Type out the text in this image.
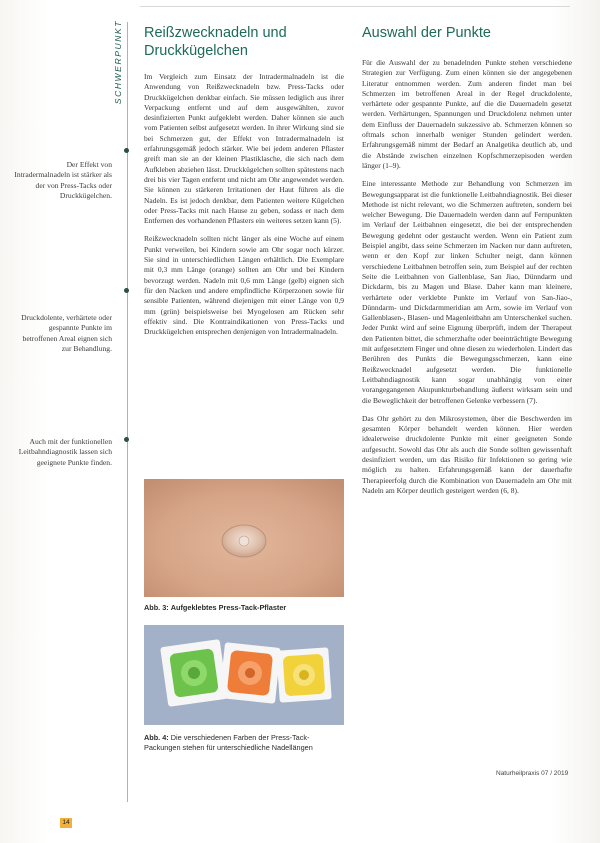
Der Effekt von Intradermalnadeln ist stärker als der von Press-Tacks oder Druckkügelchen.
Druckdolente, verhärtete oder gespannte Punkte im betroffenen Areal eignen sich zur Behandlung.
Auch mit der funktionellen Leitbahndiagnostik lassen sich geeignete Punkte finden.
SCHWERPUNKT Reißzwecknadeln und Druckkügelchen

Im Vergleich zum Einsatz der Intradermalnadeln ist die Anwendung von Reißzwecknadeln bzw. Press-Tacks oder Druckkügelchen denkbar einfach. Sie müssen lediglich aus ihrer Verpackung entfernt und auf dem ausgewählten, zuvor desinfizierten Punkt aufgeklebt werden. Daher können sie auch vom Patienten selbst aufgesetzt werden. In ihrer Wirkung sind sie bei Schmerzen gut, der Effekt von Intradermalnadeln ist erfahrungsgemäß jedoch stärker. Wie bei jedem anderen Pflaster greift man sie an der kleinen Plastiklasche, die sich nach dem Aufkleben abziehen lässt. Druckkügelchen sollten spätestens nach drei bis vier Tagen entfernt und nicht am Ohr angewendet werden. Sie können zu stärkeren Irritationen der Haut führen als die Nadeln. Es ist jedoch denkbar, dem Patienten weitere Kügelchen oder Press-Tacks mit nach Hause zu geben, sodass er nach dem Entfernen des vorhandenen Pflasters ein weiteres setzen kann (5).

Reißzwecknadeln sollten nicht länger als eine Woche auf einem Punkt verweilen, bei Kindern sowie am Ohr sogar noch kürzer. Sie sind in unterschiedlichen Längen erhältlich. Die Exemplare mit 0,3 mm Länge (orange) sollten am Ohr und bei Kindern bevorzugt werden. Nadeln mit 0,6 mm Länge (gelb) eignen sich für den Nacken und andere empfindliche Körperzonen sowie für sensible Patienten, während diejenigen mit einer Länge von 0,9 mm (grün) beispielsweise bei Myogelosen am Rücken sehr effektiv sind. Die Kontraindikationen von Press-Tacks und Druckkügelchen entsprechen denjenigen von Intradermalnadeln.

Abb. 3: Aufgeklebtes Press-Tack-Pflaster
Abb. 4: Die verschiedenen Farben der Press-Tack-Packungen stehen für unterschiedliche Nadellängen
Auswahl der Punkte

Für die Auswahl der zu benadelnden Punkte stehen verschiedene Strategien zur Verfügung. Zum einen können sie der angegebenen Literatur entnommen werden. Zum anderen findet man bei Schmerzen im betroffenen Areal in der Regel druckdolente, verhärtete oder gespannte Punkte, auf die die Dauernadeln gesetzt werden. Verhärtungen, Spannungen und Druckdolenz nehmen unter dem Einfluss der Dauernadeln sukzessive ab. Schmerzen können so oftmals schon innerhalb weniger Stunden gelindert werden. Erfahrungsgemäß nimmt der Bedarf an Analgetika deutlich ab, und die Abstände zwischen einzelnen Kopfschmerzepisoden werden länger (1–9).

Eine interessante Methode zur Behandlung von Schmerzen im Bewegungsapparat ist die funktionelle Leitbahndiagnostik. Bei dieser Methode ist nicht relevant, wo die Schmerzen auftreten, sondern bei welcher Bewegung. Die Dauernadeln werden dann auf Fernpunkten im Verlauf der Leitbahnen eingesetzt, die bei der entsprechenden Bewegung gedehnt oder gestaucht werden. Wenn ein Patient zum Beispiel angibt, dass seine Schmerzen im Nacken nur dann auftreten, wenn er den Kopf zur linken Schulter neigt, dann können verschiedene Leitbahnen betroffen sein, zum Beispiel auf der rechten Seite die Leitbahnen von Gallenblase, San Jiao, Dünndarm und Dickdarm, bis zu Magen und Blase. Daher kann man kleinere, verhärtete oder verklebte Punkte im Verlauf von San-Jiao-, Dünndarm- und Dickdarmmeridian am Arm, sowie im Verlauf von Gallenblasen-, Blasen- und Magenleitbahn am Unterschenkel suchen. Jeder Punkt wird auf seine Eignung überprüft, indem der Therapeut den Patienten bittet, die schmerzhafte oder beeinträchtigte Bewegung mit aufgesetztem Finger und ohne diesen zu wiederholen. Lindert das Berühren des Punkts die Bewegungsschmerzen, kann eine Reißzwecknadel aufgesetzt werden. Die funktionelle Leitbahndiagnostik kann sogar unabhängig von einer vorangegangenen Akupunkturbehandlung äußerst wirksam sein und die Beweglichkeit der betroffenen Gelenke verbessern (7).

Das Ohr gehört zu den Mikrosystemen, über die Beschwerden im gesamten Körper behandelt werden können. Hier werden idealerweise druckdolente Punkte mit einer geeigneten Sonde aufgesucht. Sowohl das Ohr als auch die Sonde sollten gewissenhaft desinfiziert werden, um das Risiko für Infektionen so gering wie möglich zu halten. Erfahrungsgemäß kann der dauerhafte Therapieerfolg durch die Kombination von Dauernadeln am Ohr mit Nadeln am Körper deutlich gesteigert werden (6, 8).

14
Naturheilpraxis 07 / 2019
